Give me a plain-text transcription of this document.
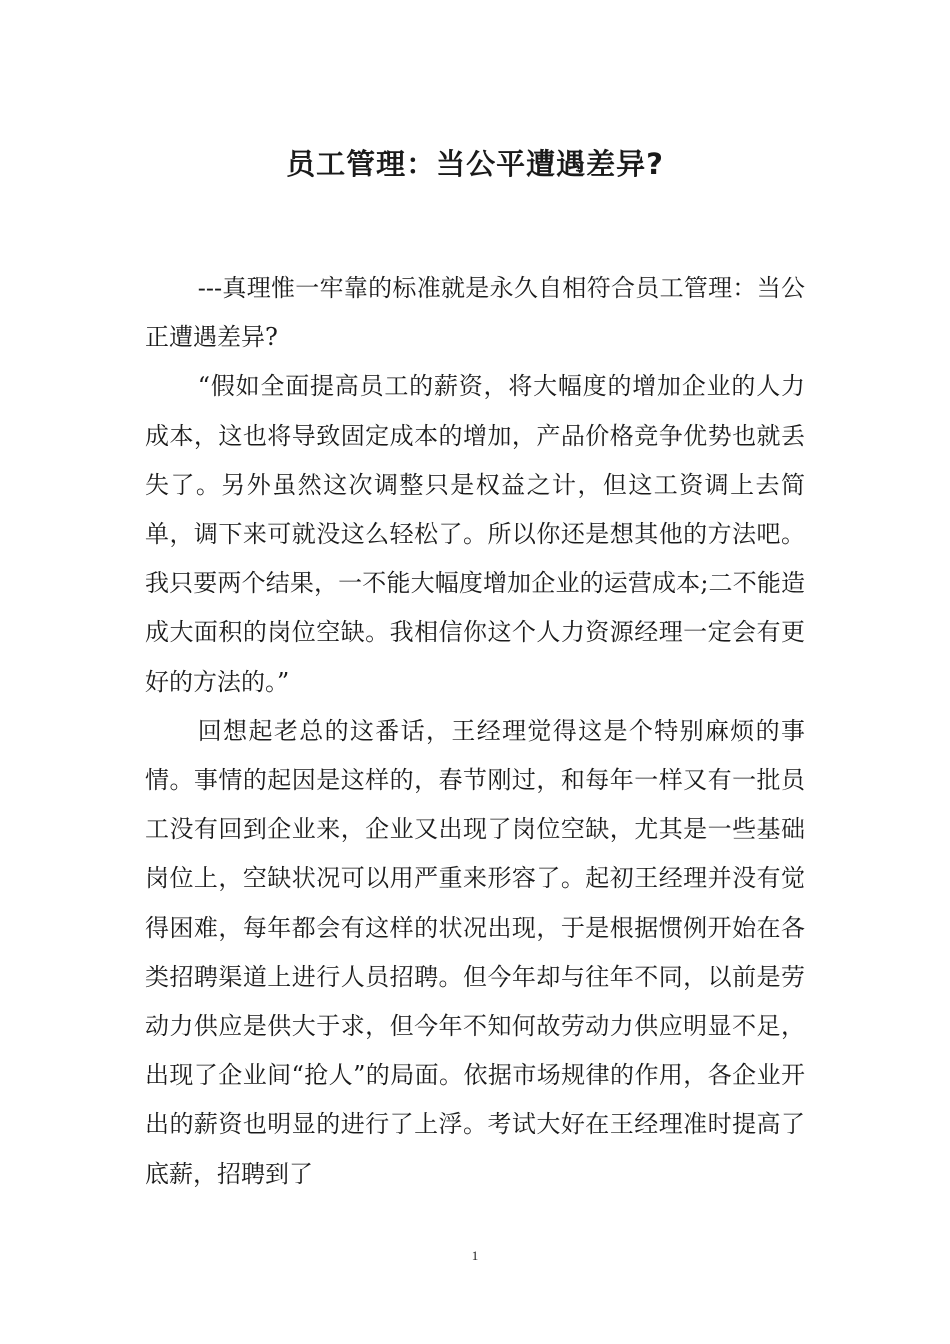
员工管理：当公平遭遇差异?

---真理惟一牢靠的标准就是永久自相符合员工管理：当公正遭遇差异?

“假如全面提高员工的薪资，将大幅度的增加企业的人力成本，这也将导致固定成本的增加，产品价格竞争优势也就丢失了。另外虽然这次调整只是权益之计，但这工资调上去简单，调下来可就没这么轻松了。所以你还是想其他的方法吧。我只要两个结果，一不能大幅度增加企业的运营成本;二不能造成大面积的岗位空缺。我相信你这个人力资源经理一定会有更好的方法的。”

回想起老总的这番话，王经理觉得这是个特别麻烦的事情。事情的起因是这样的，春节刚过，和每年一样又有一批员工没有回到企业来，企业又出现了岗位空缺，尤其是一些基础岗位上，空缺状况可以用严重来形容了。起初王经理并没有觉得困难，每年都会有这样的状况出现，于是根据惯例开始在各类招聘渠道上进行人员招聘。但今年却与往年不同，以前是劳动力供应是供大于求，但今年不知何故劳动力供应明显不足，出现了企业间“抢人”的局面。依据市场规律的作用，各企业开出的薪资也明显的进行了上浮。考试大好在王经理准时提高了底薪，招聘到了

1
